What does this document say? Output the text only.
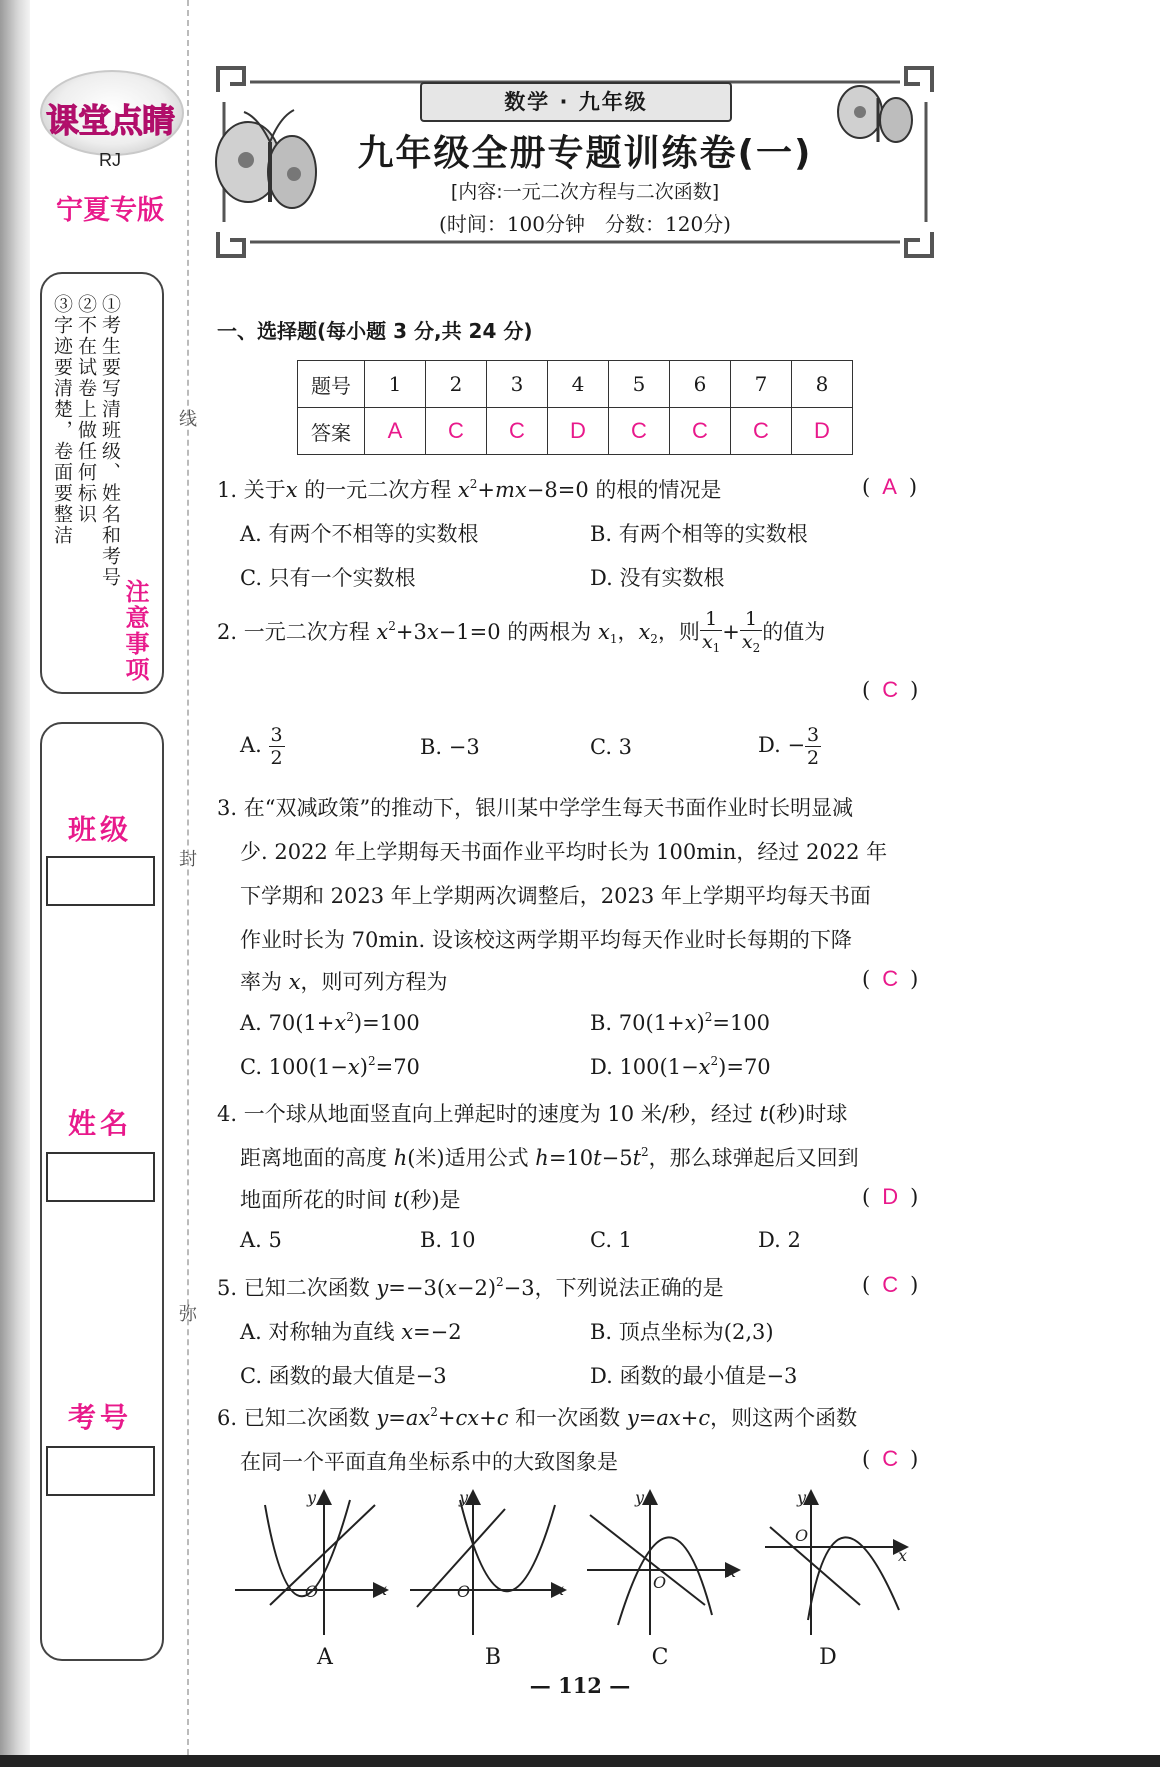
线
封
弥
课堂点睛
RJ
宁夏专版
①考生要写清班级、姓名和考号
②不在试卷上做任何标识
③字迹要清楚，卷面要整洁
注意事项
班级
姓名
考号
数学 · 九年级
九年级全册专题训练卷(一)
[内容:一元二次方程与二次函数]
(时间：100分钟　分数：120分)
一、选择题(每小题 3 分,共 24 分)
题号	1	2	3	4	5	6	7	8
答案	A	C	C	D	C	C	C	D
1. 关于x 的一元二次方程 $x^2+mx-8=0$ 的根的情况是	( A )
A. 有两个不相等的实数根	B. 有两个相等的实数根
C. 只有一个实数根	D. 没有实数根
2. 一元二次方程 $x^2+3x-1=0$ 的两根为 $x_1$，$x_2$，则 $\frac{1}{x_1} + \frac{1}{x_2}$ 的值为
( C )
A. $\frac{3}{2}$	B. −3	C. 3	D. − $\frac{3}{2}$
3. 在“双减政策”的推动下，银川某中学学生每天书面作业时长明显减
少. 2022 年上学期每天书面作业平均时长为 100min，经过 2022 年
下学期和 2023 年上学期两次调整后，2023 年上学期平均每天书面
作业时长为 70min. 设该校这两学期平均每天作业时长每期的下降
率为 x，则可列方程为	( C )
A. $70(1+x^2)=100$	B. $70(1+x)^2=100$
C. $100(1-x)^2=70$	D. $100(1-x^2)=70$
4. 一个球从地面竖直向上弹起时的速度为 10 米/秒，经过 t(秒)时球
距离地面的高度 h(米)适用公式 $h=10t-5t^2$，那么球弹起后又回到
地面所花的时间 t(秒)是	( D )
A. 5	B. 10	C. 1	D. 2
5. 已知二次函数 $y=-3(x-2)^2-3$，下列说法正确的是	( C )
A. 对称轴为直线 x=−2	B. 顶点坐标为(2,3)
C. 函数的最大值是−3	D. 函数的最小值是−3
6. 已知二次函数 $y=ax^2+cx+c$ 和一次函数 y=ax+c，则这两个函数
在同一个平面直角坐标系中的大致图象是	( C )
y
x
O
y
x
O
y
x
O
y
x
O
A	B	C	D
— 112 —
